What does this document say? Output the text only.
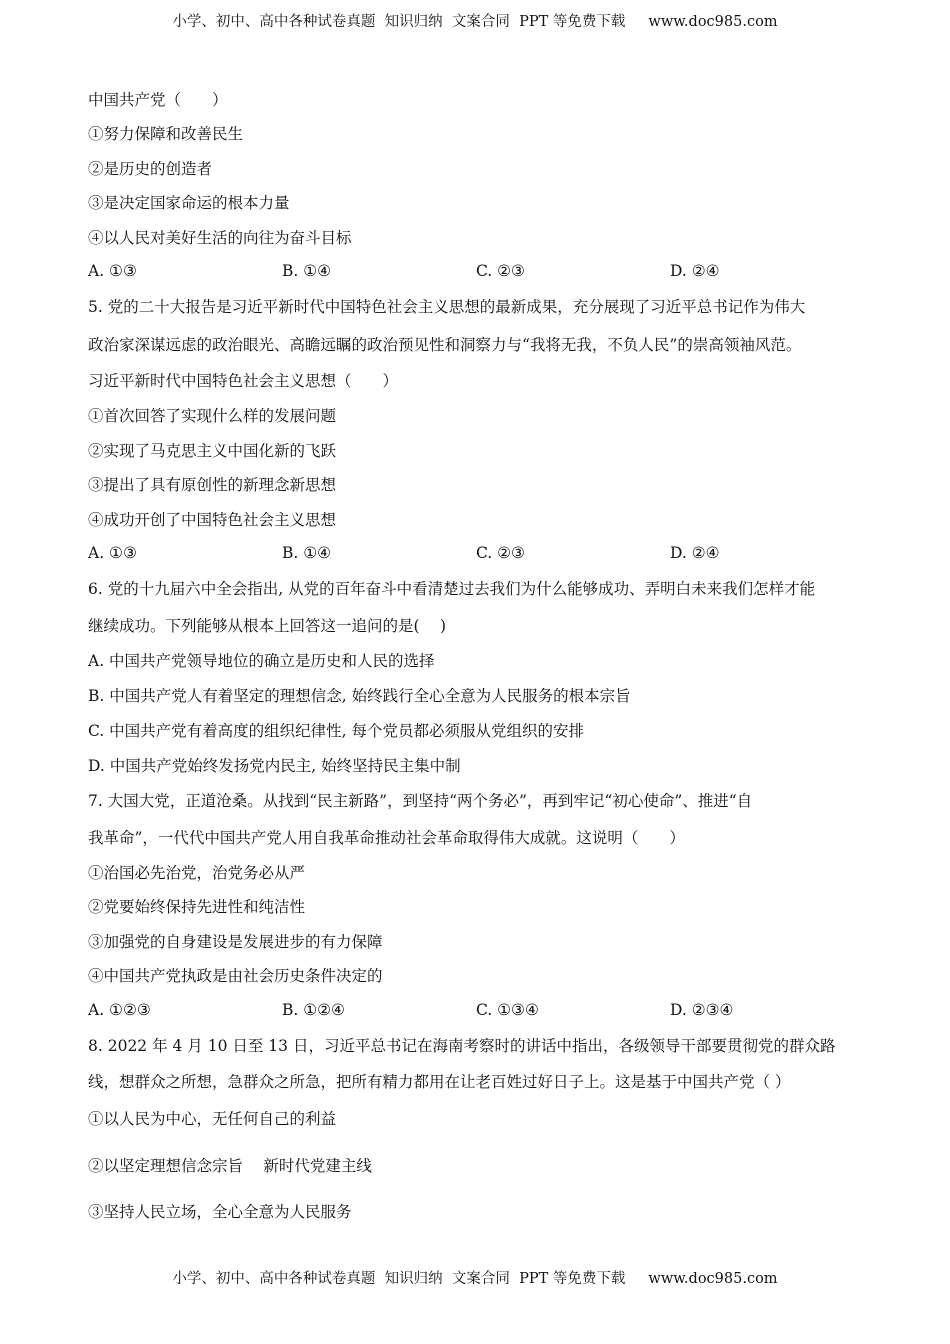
小学、初中、高中各种试卷真题  知识归纳  文案合同  PPT 等免费下载     www.doc985.com
中国共产党（　　）
①努力保障和改善民生
②是历史的创造者
③是决定国家命运的根本力量
④以人民对美好生活的向往为奋斗目标
A. ①③	B. ①④	C. ②③	D. ②④
5. 党的二十大报告是习近平新时代中国特色社会主义思想的最新成果，充分展现了习近平总书记作为伟大
政治家深谋远虑的政治眼光、高瞻远瞩的政治预见性和洞察力与“我将无我，不负人民”的崇高领袖风范。
习近平新时代中国特色社会主义思想（　　）
①首次回答了实现什么样的发展问题
②实现了马克思主义中国化新的飞跃
③提出了具有原创性的新理念新思想
④成功开创了中国特色社会主义思想
A. ①③	B. ①④	C. ②③	D. ②④
6. 党的十九届六中全会指出, 从党的百年奋斗中看清楚过去我们为什么能够成功、弄明白未来我们怎样才能
继续成功。下列能够从根本上回答这一追问的是(　 )
A. 中国共产党领导地位的确立是历史和人民的选择
B. 中国共产党人有着坚定的理想信念, 始终践行全心全意为人民服务的根本宗旨
C. 中国共产党有着高度的组织纪律性, 每个党员都必须服从党组织的安排
D. 中国共产党始终发扬党内民主, 始终坚持民主集中制
7. 大国大党，正道沧桑。从找到“民主新路”，到坚持“两个务必”，再到牢记“初心使命”、推进“自
我革命”，一代代中国共产党人用自我革命推动社会革命取得伟大成就。这说明（　　）
①治国必先治党，治党务必从严
②党要始终保持先进性和纯洁性
③加强党的自身建设是发展进步的有力保障
④中国共产党执政是由社会历史条件决定的
A. ①②③	B. ①②④	C. ①③④	D. ②③④
8. 2022 年 4 月 10 日至 13 日，习近平总书记在海南考察时的讲话中指出，各级领导干部要贯彻党的群众路
线，想群众之所想，急群众之所急，把所有精力都用在让老百姓过好日子上。这是基于中国共产党（ ）
①以人民为中心，无任何自己的利益
②以坚定理想信念宗旨　 新时代党建主线
③坚持人民立场，全心全意为人民服务
小学、初中、高中各种试卷真题  知识归纳  文案合同  PPT 等免费下载     www.doc985.com
